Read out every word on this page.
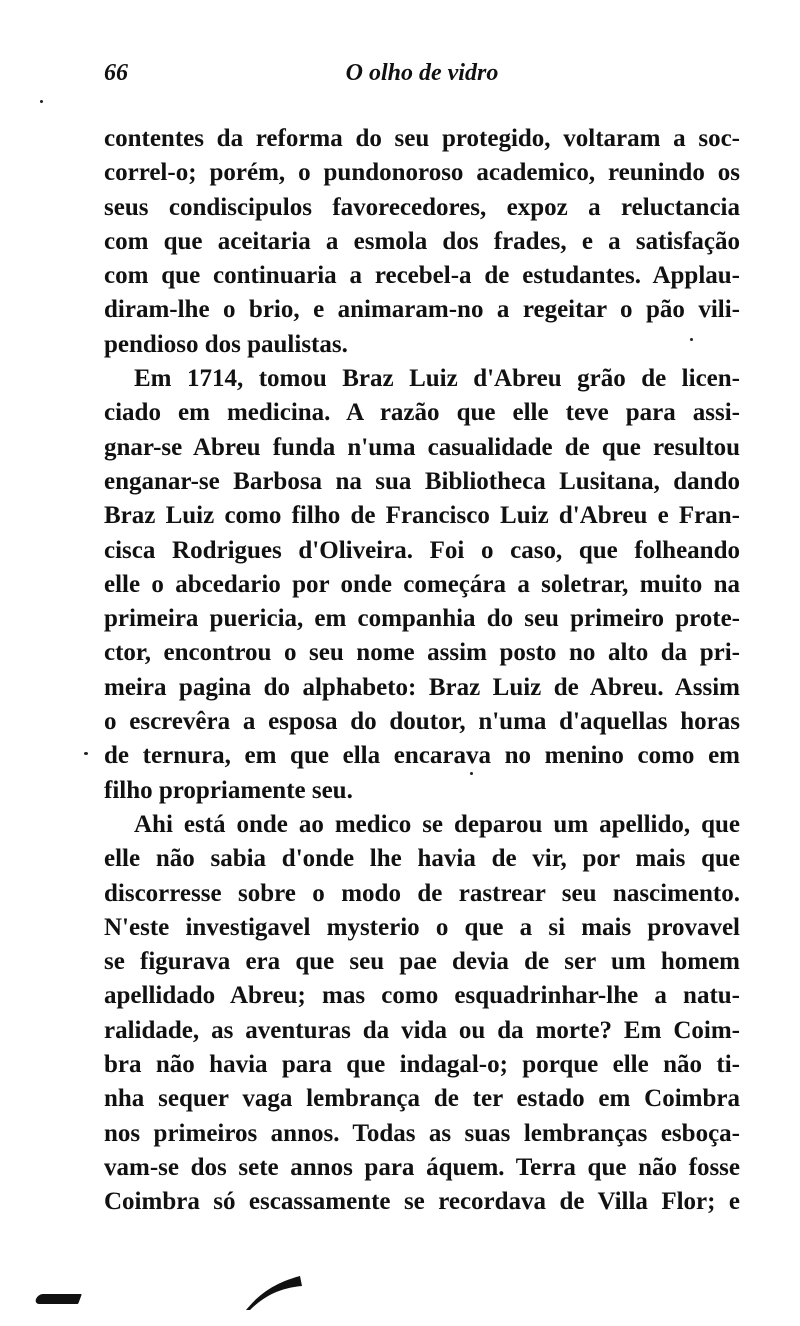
66	O olho de vidro
contentes da reforma do seu protegido, voltaram a soc-
correl-o; porém, o pundonoroso academico, reunindo os
seus condiscipulos favorecedores, expoz a reluctancia
com que aceitaria a esmola dos frades, e a satisfação
com que continuaria a recebel-a de estudantes. Applau-
diram-lhe o brio, e animaram-no a regeitar o pão vili-
pendioso dos paulistas.
Em 1714, tomou Braz Luiz d'Abreu grão de licen-
ciado em medicina. A razão que elle teve para assi-
gnar-se Abreu funda n'uma casualidade de que resultou
enganar-se Barbosa na sua Bibliotheca Lusitana, dando
Braz Luiz como filho de Francisco Luiz d'Abreu e Fran-
cisca Rodrigues d'Oliveira. Foi o caso, que folheando
elle o abcedario por onde começára a soletrar, muito na
primeira puericia, em companhia do seu primeiro prote-
ctor, encontrou o seu nome assim posto no alto da pri-
meira pagina do alphabeto: Braz Luiz de Abreu. Assim
o escrevêra a esposa do doutor, n'uma d'aquellas horas
de ternura, em que ella encarava no menino como em
filho propriamente seu.
Ahi está onde ao medico se deparou um apellido, que
elle não sabia d'onde lhe havia de vir, por mais que
discorresse sobre o modo de rastrear seu nascimento.
N'este investigavel mysterio o que a si mais provavel
se figurava era que seu pae devia de ser um homem
apellidado Abreu; mas como esquadrinhar-lhe a natu-
ralidade, as aventuras da vida ou da morte? Em Coim-
bra não havia para que indagal-o; porque elle não ti-
nha sequer vaga lembrança de ter estado em Coimbra
nos primeiros annos. Todas as suas lembranças esboça-
vam-se dos sete annos para áquem. Terra que não fosse
Coimbra só escassamente se recordava de Villa Flor; e
